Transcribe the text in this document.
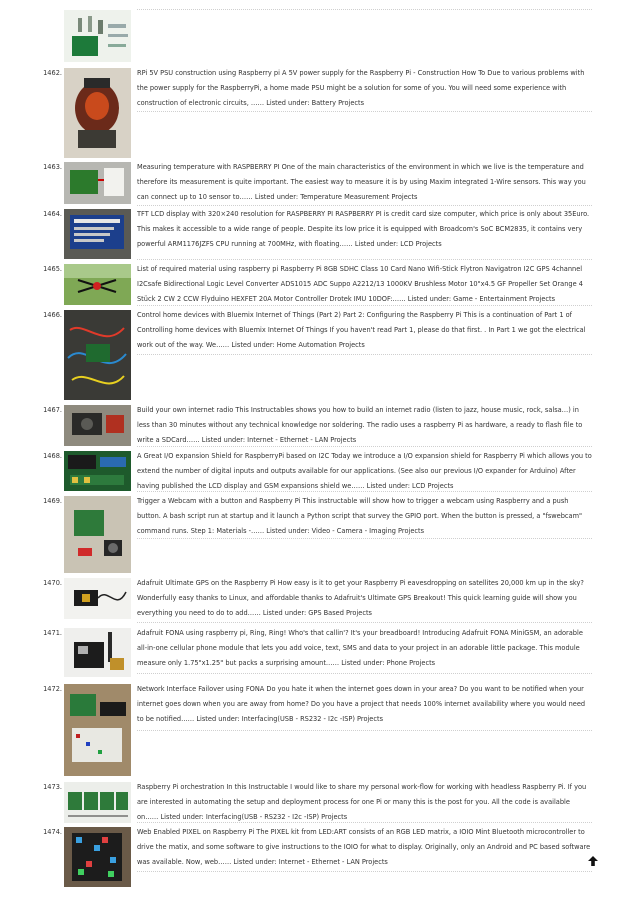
1462.	RPi 5V PSU construction using Raspberry pi A 5V power supply for the Raspberry Pi - Construction How To Due to various problems with the power supply for the RaspberryPi, a home made PSU might be a solution for some of you. You will need some experience with construction of electronic circuits, …… Listed under: Battery Projects

1463.	Measuring temperature with RASPBERRY PI One of the main characteristics of the environment in which we live is the temperature and therefore its measurement is quite important. The easiest way to measure it is by using Maxim integrated 1-Wire sensors. This way you can connect up to 10 sensor to…… Listed under: Temperature Measurement Projects

1464.	TFT LCD display with 320×240 resolution for RASPBERRY PI RASPBERRY PI is credit card size computer, which price is only about 35Euro. This makes it accessible to a wide range of people. Despite its low price it is equipped with Broadcom's SoC BCM2835, it contains very powerful ARM1176JZFS CPU running at 700MHz, with floating…… Listed under: LCD Projects

1465.	List of required material using raspberry pi Raspberry Pi 8GB SDHC Class 10 Card Nano Wifi-Stick Flytron Navigatron I2C GPS 4channel I2Csafe Bidirectional Logic Level Converter ADS1015 ADC Suppo A2212/13 1000KV Brushless Motor 10"x4.5 GF Propeller Set Orange 4 Stück 2 CW 2 CCW Flyduino HEXFET 20A Motor Controller Drotek IMU 10DOF:…… Listed under: Game - Entertainment Projects

1466.	Control home devices with Bluemix Internet of Things (Part 2) Part 2: Configuring the Raspberry Pi This is a continuation of Part 1 of Controlling home devices with Bluemix Internet Of Things If you haven't read Part 1, please do that first. . In Part 1 we got the electrical work out of the way. We…… Listed under: Home Automation Projects

1467.	Build your own internet radio This Instructables shows you how to build an internet radio (listen to jazz, house music, rock, salsa…) in less than 30 minutes without any technical knowledge nor soldering. The radio uses a raspberry Pi as hardware, a ready to flash file to write a SDCard…… Listed under: Internet - Ethernet - LAN Projects

1468.	A Great I/O expansion Shield for RaspberryPi based on I2C Today we introduce a I/O expansion shield for Raspberry Pi which allows you to extend the number of digital inputs and outputs available for our applications. (See also our previous I/O expander for Arduino) After having published the LCD display and GSM expansions shield we…… Listed under: LCD Projects

1469.	Trigger a Webcam with a button and Raspberry Pi This instructable will show how to trigger a webcam using Raspberry and a push button. A bash script run at startup and it launch a Python script that survey the GPIO port. When the button is pressed, a "fswebcam" command runs. Step 1: Materials -…… Listed under: Video - Camera - Imaging Projects

1470.	Adafruit Ultimate GPS on the Raspberry Pi How easy is it to get your Raspberry Pi eavesdropping on satellites 20,000 km up in the sky? Wonderfully easy thanks to Linux, and affordable thanks to Adafruit's Ultimate GPS Breakout! This quick learning guide will show you everything you need to do to add…… Listed under: GPS Based Projects

1471.	Adafruit FONA using raspberry pi, Ring, Ring! Who's that callin'? It's your breadboard! Introducing Adafruit FONA MiniGSM, an adorable all-in-one cellular phone module that lets you add voice, text, SMS and data to your project in an adorable little package. This module measure only 1.75"x1.25" but packs a surprising amount…… Listed under: Phone Projects

1472.	Network Interface Failover using FONA Do you hate it when the internet goes down in your area? Do you want to be notified when your internet goes down when you are away from home? Do you have a project that needs 100% internet availability where you would need to be notified…… Listed under: Interfacing(USB - RS232 - I2c -ISP) Projects

1473.	Raspberry Pi orchestration In this Instructable I would like to share my personal work-flow for working with headless Raspberry Pi. If you are interested in automating the setup and deployment process for one Pi or many this is the post for you. All the code is available on…… Listed under: Interfacing(USB - RS232 - I2c -ISP) Projects

1474.	Web Enabled PIXEL on Raspberry Pi The PIXEL kit from LED:ART consists of an RGB LED matrix, a IOIO Mint Bluetooth microcontroller to drive the matix, and some software to give instructions to the IOIO for what to display. Originally, only an Android and PC based software was available. Now, web…… Listed under: Internet - Ethernet - LAN Projects
